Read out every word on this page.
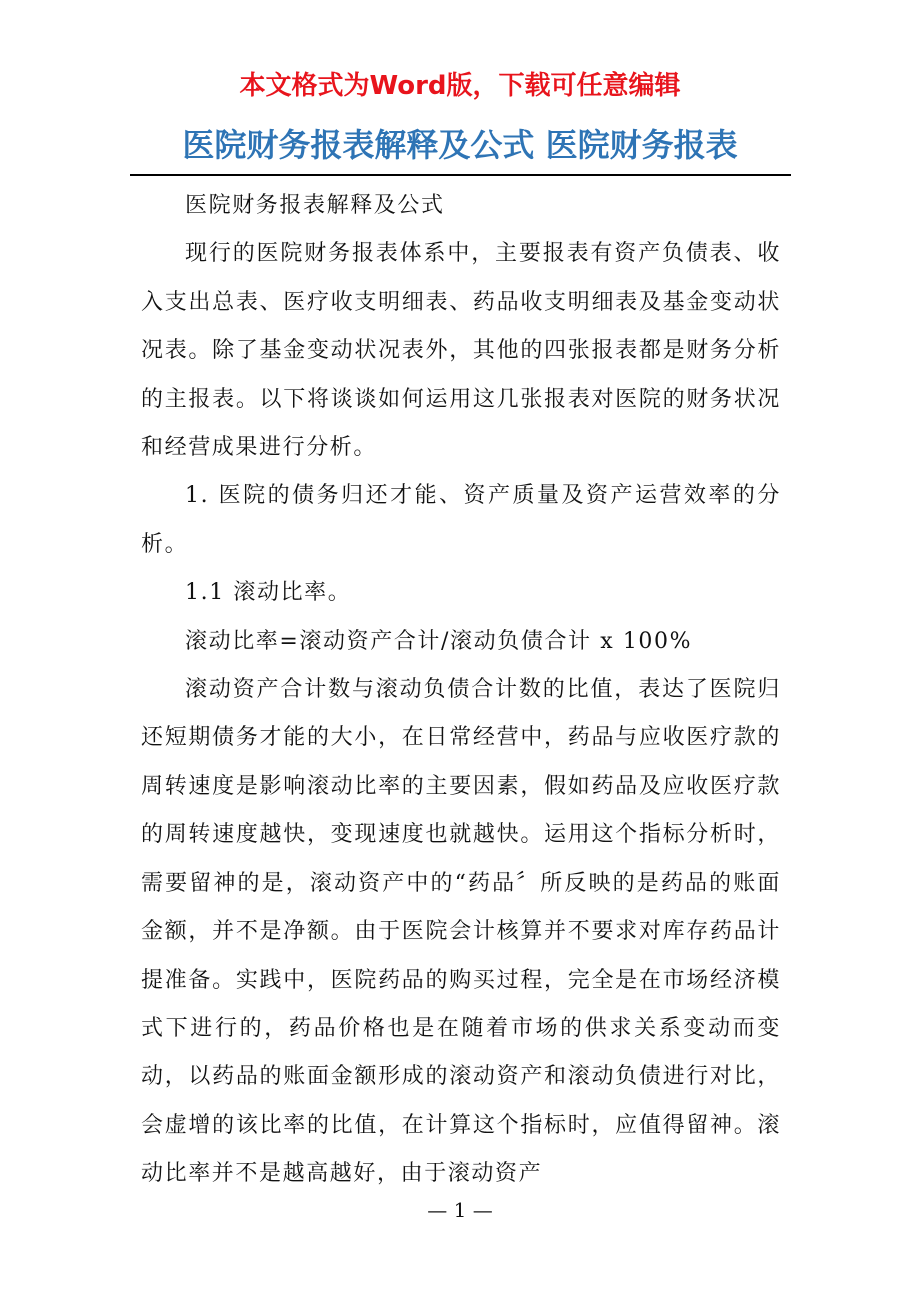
本文格式为Word版，下载可任意编辑
医院财务报表解释及公式 医院财务报表

医院财务报表解释及公式

现行的医院财务报表体系中，主要报表有资产负债表、收入支出总表、医疗收支明细表、药品收支明细表及基金变动状况表。除了基金变动状况表外，其他的四张报表都是财务分析的主报表。以下将谈谈如何运用这几张报表对医院的财务状况和经营成果进行分析。

1. 医院的债务归还才能、资产质量及资产运营效率的分析。

1.1 滚动比率。

滚动比率=滚动资产合计/滚动负债合计 x 100%

滚动资产合计数与滚动负债合计数的比值，表达了医院归还短期债务才能的大小，在日常经营中，药品与应收医疗款的周转速度是影响滚动比率的主要因素，假如药品及应收医疗款的周转速度越快，变现速度也就越快。运用这个指标分析时，需要留神的是，滚动资产中的“药品〞所反映的是药品的账面金额，并不是净额。由于医院会计核算并不要求对库存药品计提准备。实践中，医院药品的购买过程，完全是在市场经济模式下进行的，药品价格也是在随着市场的供求关系变动而变动，以药品的账面金额形成的滚动资产和滚动负债进行对比，会虚增的该比率的比值，在计算这个指标时，应值得留神。滚动比率并不是越高越好，由于滚动资产

— 1 —
